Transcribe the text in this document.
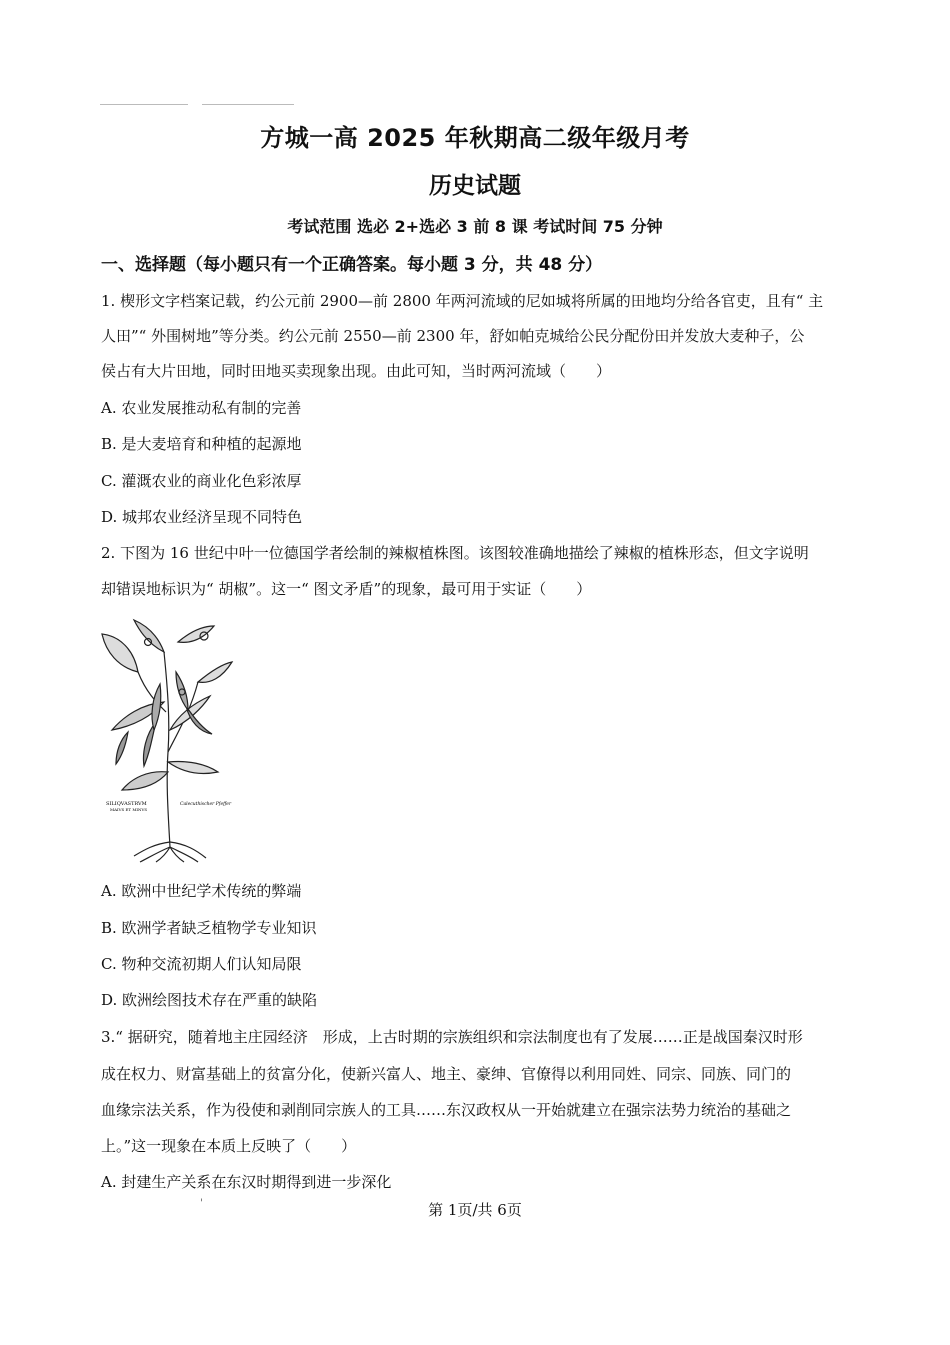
方城一高 2025 年秋期高二级年级月考
历史试题
考试范围 选必 2+选必 3 前 8 课 考试时间 75 分钟
一、选择题（每小题只有一个正确答案。每小题 3 分，共 48 分）
1. 楔形文字档案记载，约公元前 2900—前 2800 年两河流域的尼如城将所属的田地均分给各官吏，且有“ 主
人田”“ 外围树地”等分类。约公元前 2550—前 2300 年，舒如帕克城给公民分配份田并发放大麦种子，公
侯占有大片田地，同时田地买卖现象出现。由此可知，当时两河流域（　　）
A. 农业发展推动私有制的完善
B. 是大麦培育和种植的起源地
C. 灌溉农业的商业化色彩浓厚
D. 城邦农业经济呈现不同特色
2. 下图为 16 世纪中叶一位德国学者绘制的辣椒植株图。该图较准确地描绘了辣椒的植株形态，但文字说明
却错误地标识为“ 胡椒”。这一“ 图文矛盾”的现象，最可用于实证（　　）
SILIQVASTRVM
MAIVS ET MINVS
Calecuthischer Pfeffer
A. 欧洲中世纪学术传统的弊端
B. 欧洲学者缺乏植物学专业知识
C. 物种交流初期人们认知局限
D. 欧洲绘图技术存在严重的缺陷
3.“ 据研究，随着地主庄园经济　形成，上古时期的宗族组织和宗法制度也有了发展……正是战国秦汉时形
成在权力、财富基础上的贫富分化，使新兴富人、地主、豪绅、官僚得以利用同姓、同宗、同族、同门的
血缘宗法关系，作为役使和剥削同宗族人的工具……东汉政权从一开始就建立在强宗法势力统治的基础之
上。”这一现象在本质上反映了（　　）
A. 封建生产关系在东汉时期得到进一步深化
'	第 1页/共 6页
